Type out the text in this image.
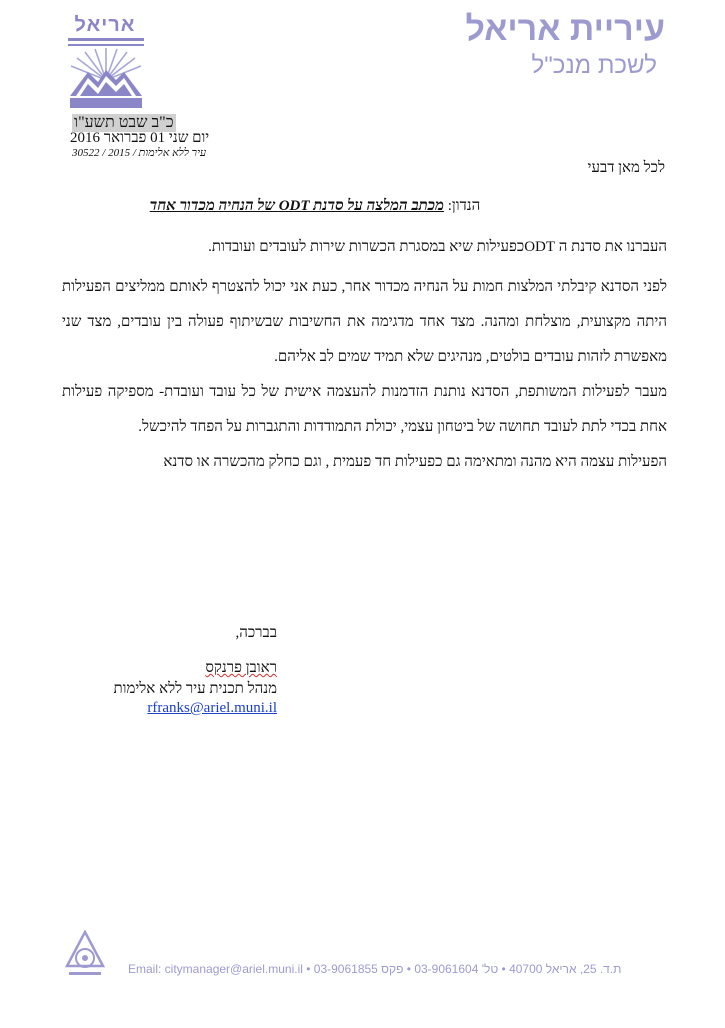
עיריית אריאל
לשכת מנכ"ל
אריאל
כ"ב שבט תשע"ו
יום שני 01 פברואר 2016
עיר ללא אלימות / 2015 / 30522
לכל מאן דבעי
הנדון: מכתב המלצה על סדנת ODT של הנחיה מכדור אחד

העברנו את סדנת ה ODTכפעילות שיא במסגרת הכשרות שירות לעובדים ועובדות.

לפני הסדנא קיבלתי המלצות חמות על הנחיה מכדור אחר, כעת אני יכול להצטרף לאותם ממליצים הפעילות היתה מקצועית, מוצלחת ומהנה. מצד אחד מדגימה את החשיבות שבשיתוף פעולה בין עובדים, מצד שני מאפשרת לזהות עובדים בולטים, מנהיגים שלא תמיד שמים לב אליהם.

מעבר לפעילות המשותפת, הסדנא נותנת הזדמנות להעצמה אישית של כל עובד ועובדת- מספיקה פעילות אחת בכדי לתת לעובד תחושה של ביטחון עצמי, יכולת התמודדות והתגברות על הפחד להיכשל.

הפעילות עצמה היא מהנה ומתאימה גם כפעילות חד פעמית , וגם כחלק מהכשרה או סדנא

בברכה,
ראובן פרנקס
מנהל תכנית עיר ללא אלימות
rfranks@ariel.muni.il
ת.ד. 25, אריאל 40700 • טל' 03-9061604 • פקס 03-9061855 • Email: citymanager@ariel.muni.il
